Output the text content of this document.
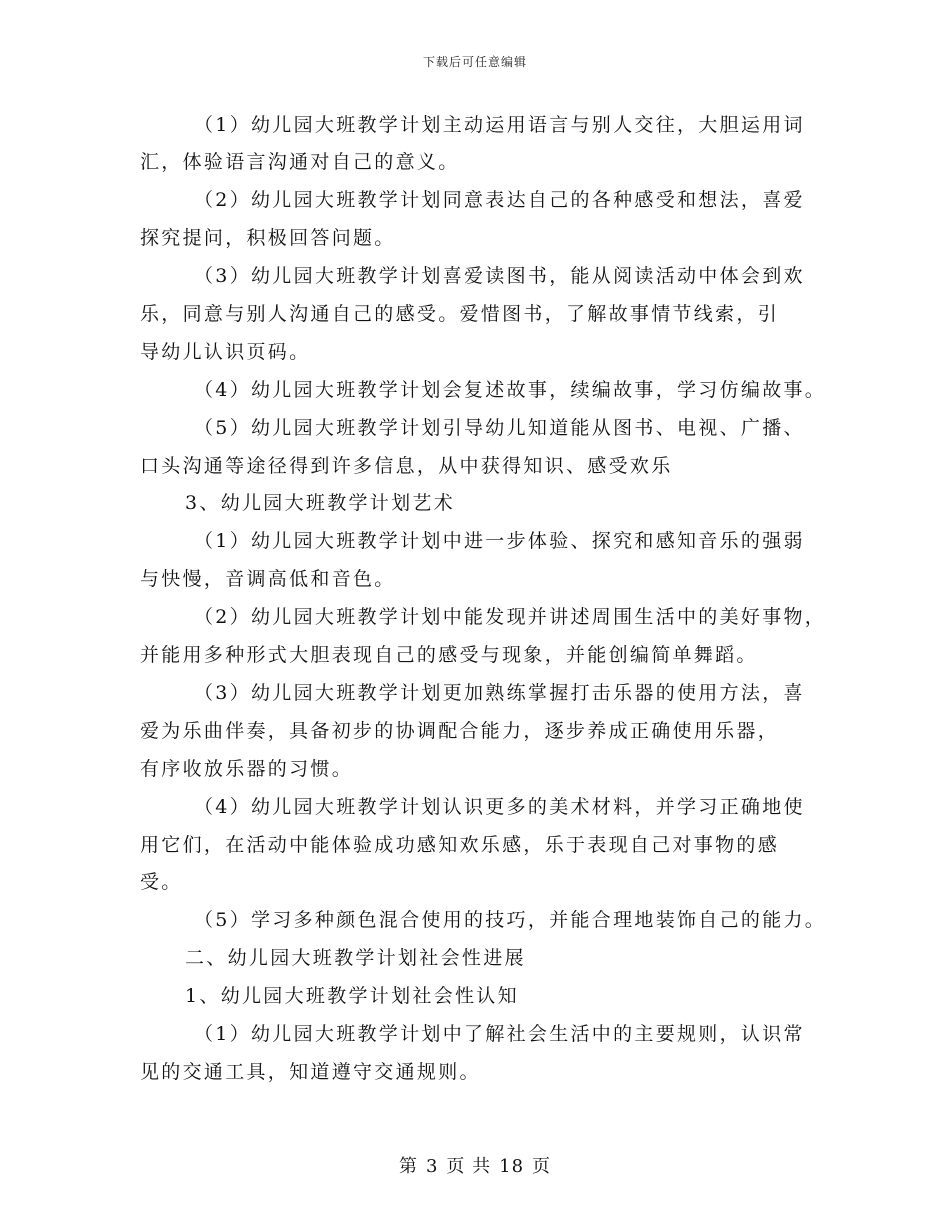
下载后可任意编辑
（1）幼儿园大班教学计划主动运用语言与别人交往，大胆运用词
汇，体验语言沟通对自己的意义。
（2）幼儿园大班教学计划同意表达自己的各种感受和想法，喜爱
探究提问，积极回答问题。
（3）幼儿园大班教学计划喜爱读图书，能从阅读活动中体会到欢
乐，同意与别人沟通自己的感受。爱惜图书，了解故事情节线索，引
导幼儿认识页码。
（4）幼儿园大班教学计划会复述故事，续编故事，学习仿编故事。
（5）幼儿园大班教学计划引导幼儿知道能从图书、电视、广播、
口头沟通等途径得到许多信息，从中获得知识、感受欢乐
3、幼儿园大班教学计划艺术
（1）幼儿园大班教学计划中进一步体验、探究和感知音乐的强弱
与快慢，音调高低和音色。
（2）幼儿园大班教学计划中能发现并讲述周围生活中的美好事物，
并能用多种形式大胆表现自己的感受与现象，并能创编简单舞蹈。
（3）幼儿园大班教学计划更加熟练掌握打击乐器的使用方法，喜
爱为乐曲伴奏，具备初步的协调配合能力，逐步养成正确使用乐器，
有序收放乐器的习惯。
（4）幼儿园大班教学计划认识更多的美术材料，并学习正确地使
用它们，在活动中能体验成功感知欢乐感，乐于表现自己对事物的感
受。
（5）学习多种颜色混合使用的技巧，并能合理地装饰自己的能力。
二、幼儿园大班教学计划社会性进展
1、幼儿园大班教学计划社会性认知
（1）幼儿园大班教学计划中了解社会生活中的主要规则，认识常
见的交通工具，知道遵守交通规则。
第 3 页 共 18 页
